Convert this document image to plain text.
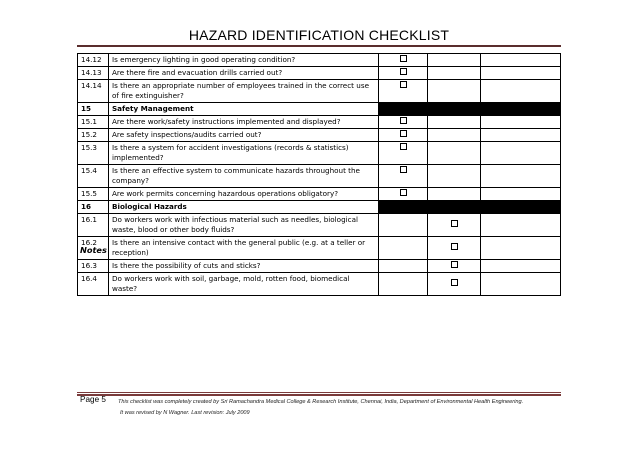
HAZARD IDENTIFICATION CHECKLIST
14.12	Is emergency lighting in good operating condition?			
14.13	Are there fire and evacuation drills carried out?			
14.14	Is there an appropriate number of employees trained in the correct use of fire extinguisher?			
15	Safety Management			
15.1	Are there work/safety instructions implemented and displayed?			
15.2	Are safety inspections/audits carried out?			
15.3	Is there a system for accident investigations (records & statistics) implemented?			
15.4	Is there an effective system to communicate hazards throughout the company?			
15.5	Are work permits concerning hazardous operations obligatory?			
16	Biological Hazards			
16.1	Do workers work with infectious material such as needles, biological waste, blood or other body fluids?			
16.2	Is there an intensive contact with the general public (e.g. at a teller or reception)			
16.3	Is there the possibility of cuts and sticks?			
16.4	Do workers work with soil, garbage, mold, rotten food, biomedical waste?			
Notes
Page 5 This checklist was completely created by Sri Ramachandra Medical College & Research Institute, Chennai, India, Department of Environmental Health Engineering.
It was revised by N Wagner. Last revision: July 2009
